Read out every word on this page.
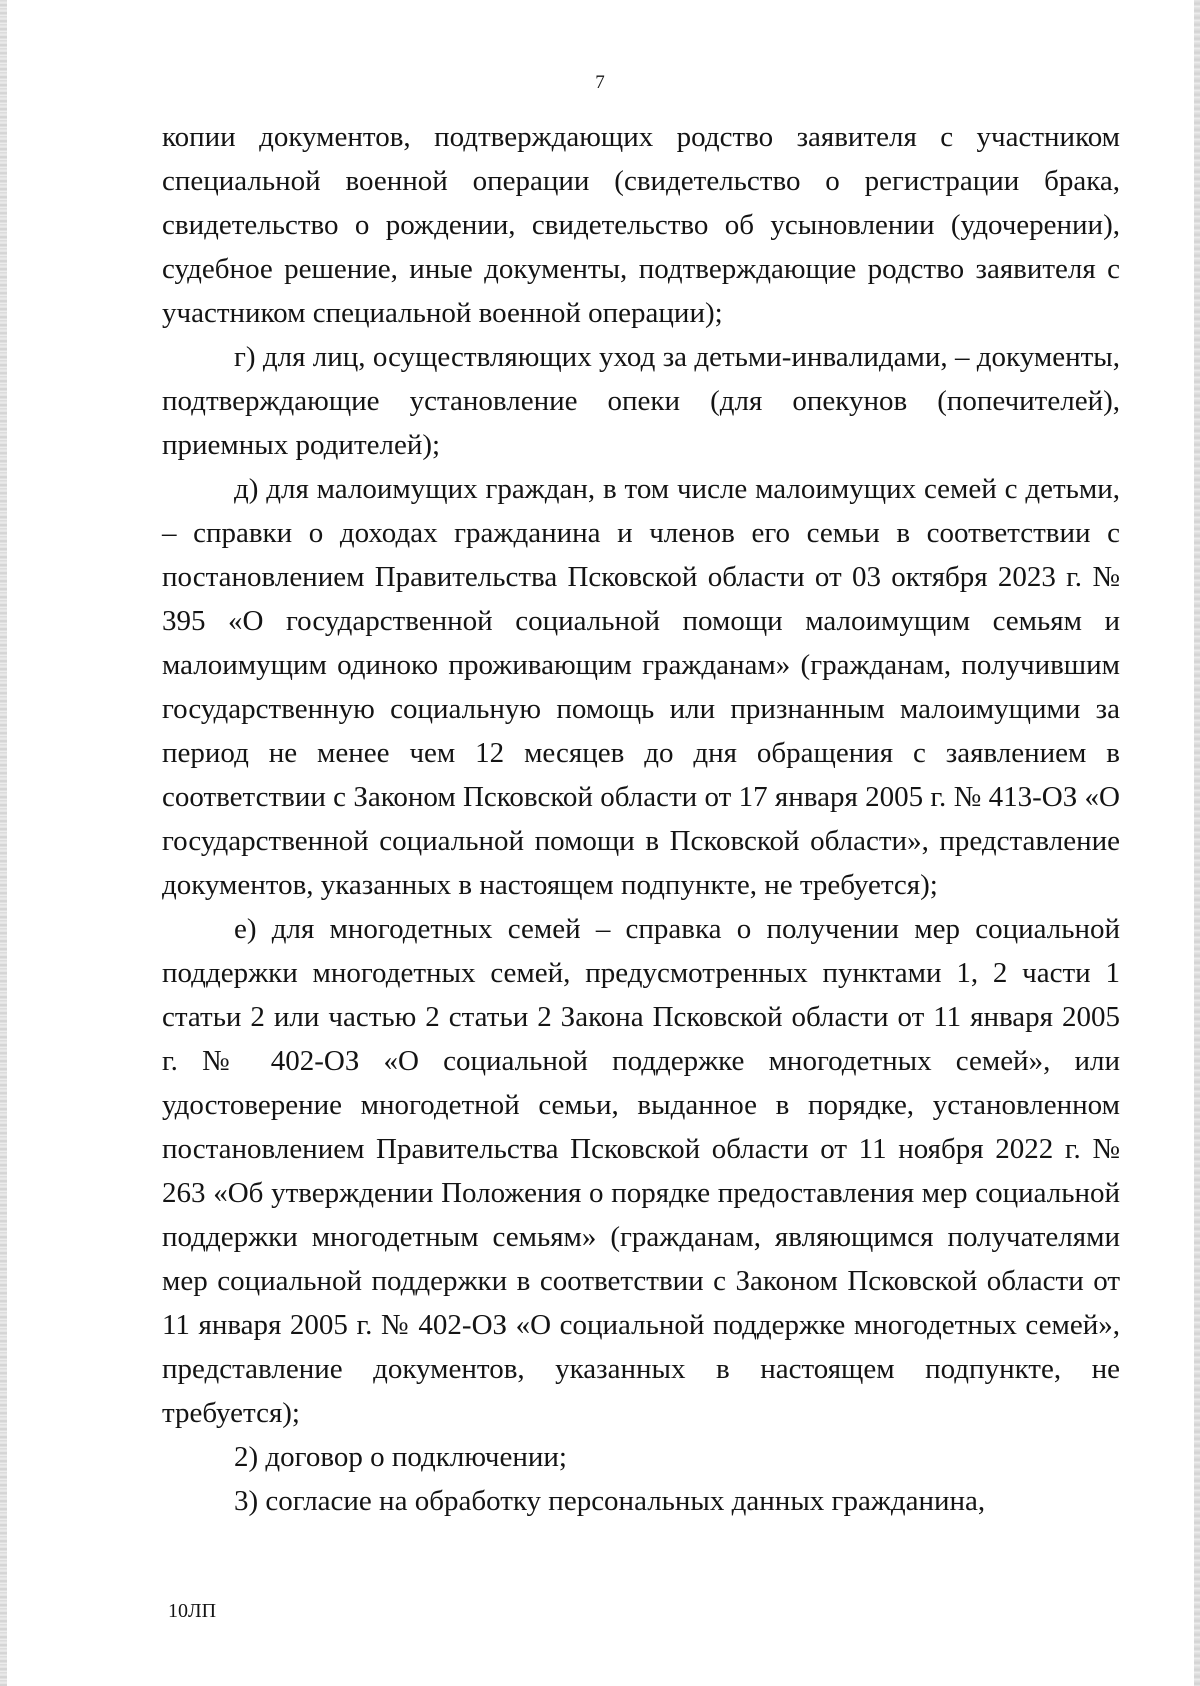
7

копии документов, подтверждающих родство заявителя с участником специальной военной операции (свидетельство о регистрации брака, свидетельство о рождении, свидетельство об усыновлении (удочерении), судебное решение, иные документы, подтверждающие родство заявителя с участником специальной военной операции);

г) для лиц, осуществляющих уход за детьми-инвалидами, – документы, подтверждающие установление опеки (для опекунов (попечителей), приемных родителей);

д) для малоимущих граждан, в том числе малоимущих семей с детьми, – справки о доходах гражданина и членов его семьи в соответствии с постановлением Правительства Псковской области от 03 октября 2023 г. № 395 «О государственной социальной помощи малоимущим семьям и малоимущим одиноко проживающим гражданам» (гражданам, получившим государственную социальную помощь или признанным малоимущими за период не менее чем 12 месяцев до дня обращения с заявлением в соответствии с Законом Псковской области от 17 января 2005 г. № 413-ОЗ «О государственной социальной помощи в Псковской области», представление документов, указанных в настоящем подпункте, не требуется);

е) для многодетных семей – справка о получении мер социальной поддержки многодетных семей, предусмотренных пунктами 1, 2 части 1 статьи 2 или частью 2 статьи 2 Закона Псковской области от 11 января 2005 г. № 402-ОЗ «О социальной поддержке многодетных семей», или удостоверение многодетной семьи, выданное в порядке, установленном постановлением Правительства Псковской области от 11 ноября 2022 г. № 263 «Об утверждении Положения о порядке предоставления мер социальной поддержки многодетным семьям» (гражданам, являющимся получателями мер социальной поддержки в соответствии с Законом Псковской области от 11 января 2005 г. № 402-ОЗ «О социальной поддержке многодетных семей», представление документов, указанных в настоящем подпункте, не требуется);

2) договор о подключении;

3) согласие на обработку персональных данных гражданина,

10ЛП
